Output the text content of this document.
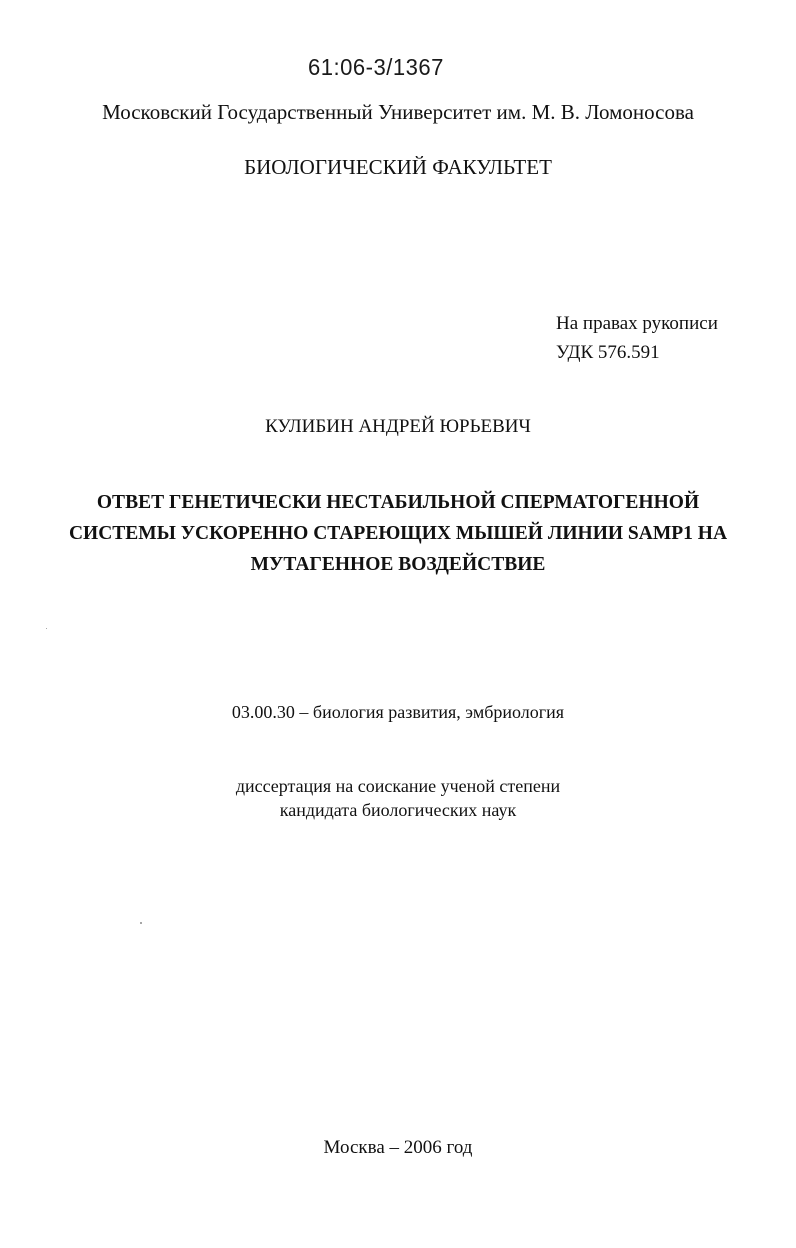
61:06-3/1367
Московский Государственный Университет им. М. В. Ломоносова
БИОЛОГИЧЕСКИЙ ФАКУЛЬТЕТ
На правах рукописи
УДК 576.591
КУЛИБИН АНДРЕЙ ЮРЬЕВИЧ
ОТВЕТ ГЕНЕТИЧЕСКИ НЕСТАБИЛЬНОЙ СПЕРМАТОГЕННОЙ
СИСТЕМЫ УСКОРЕННО СТАРЕЮЩИХ МЫШЕЙ ЛИНИИ SAMP1 НА
МУТАГЕННОЕ ВОЗДЕЙСТВИЕ
03.00.30 – биология развития, эмбриология
диссертация на соискание ученой степени
кандидата биологических наук
Москва – 2006 год
